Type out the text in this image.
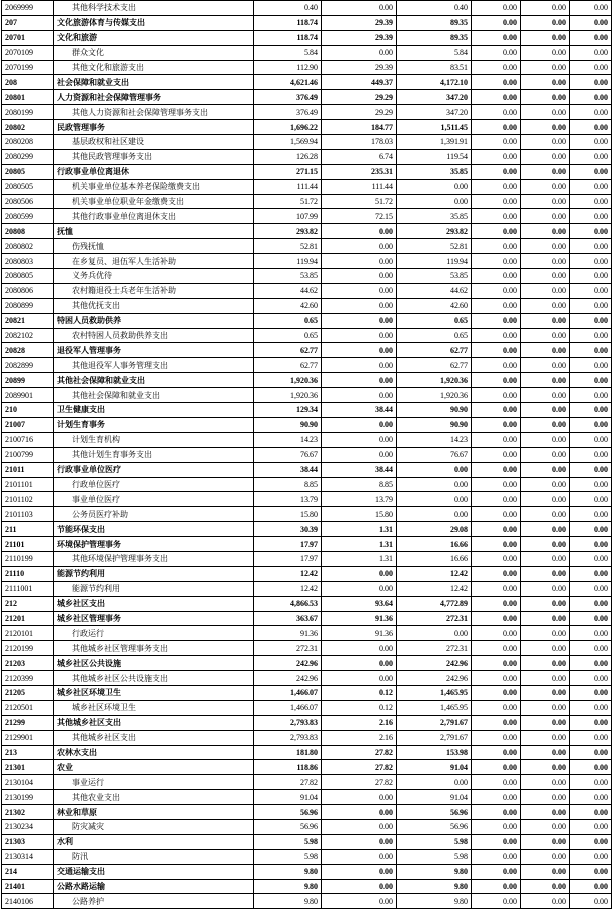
2069999	其他科学技术支出	0.40	0.00	0.40	0.00	0.00	0.00
207	文化旅游体育与传媒支出	118.74	29.39	89.35	0.00	0.00	0.00
20701	文化和旅游	118.74	29.39	89.35	0.00	0.00	0.00
2070109	群众文化	5.84	0.00	5.84	0.00	0.00	0.00
2070199	其他文化和旅游支出	112.90	29.39	83.51	0.00	0.00	0.00
208	社会保障和就业支出	4,621.46	449.37	4,172.10	0.00	0.00	0.00
20801	人力资源和社会保障管理事务	376.49	29.29	347.20	0.00	0.00	0.00
2080199	其他人力资源和社会保障管理事务支出	376.49	29.29	347.20	0.00	0.00	0.00
20802	民政管理事务	1,696.22	184.77	1,511.45	0.00	0.00	0.00
2080208	基层政权和社区建设	1,569.94	178.03	1,391.91	0.00	0.00	0.00
2080299	其他民政管理事务支出	126.28	6.74	119.54	0.00	0.00	0.00
20805	行政事业单位离退休	271.15	235.31	35.85	0.00	0.00	0.00
2080505	机关事业单位基本养老保险缴费支出	111.44	111.44	0.00	0.00	0.00	0.00
2080506	机关事业单位职业年金缴费支出	51.72	51.72	0.00	0.00	0.00	0.00
2080599	其他行政事业单位离退休支出	107.99	72.15	35.85	0.00	0.00	0.00
20808	抚恤	293.82	0.00	293.82	0.00	0.00	0.00
2080802	伤残抚恤	52.81	0.00	52.81	0.00	0.00	0.00
2080803	在乡复员、退伍军人生活补助	119.94	0.00	119.94	0.00	0.00	0.00
2080805	义务兵优待	53.85	0.00	53.85	0.00	0.00	0.00
2080806	农村籍退役士兵老年生活补助	44.62	0.00	44.62	0.00	0.00	0.00
2080899	其他优抚支出	42.60	0.00	42.60	0.00	0.00	0.00
20821	特困人员救助供养	0.65	0.00	0.65	0.00	0.00	0.00
2082102	农村特困人员救助供养支出	0.65	0.00	0.65	0.00	0.00	0.00
20828	退役军人管理事务	62.77	0.00	62.77	0.00	0.00	0.00
2082899	其他退役军人事务管理支出	62.77	0.00	62.77	0.00	0.00	0.00
20899	其他社会保障和就业支出	1,920.36	0.00	1,920.36	0.00	0.00	0.00
2089901	其他社会保障和就业支出	1,920.36	0.00	1,920.36	0.00	0.00	0.00
210	卫生健康支出	129.34	38.44	90.90	0.00	0.00	0.00
21007	计划生育事务	90.90	0.00	90.90	0.00	0.00	0.00
2100716	计划生育机构	14.23	0.00	14.23	0.00	0.00	0.00
2100799	其他计划生育事务支出	76.67	0.00	76.67	0.00	0.00	0.00
21011	行政事业单位医疗	38.44	38.44	0.00	0.00	0.00	0.00
2101101	行政单位医疗	8.85	8.85	0.00	0.00	0.00	0.00
2101102	事业单位医疗	13.79	13.79	0.00	0.00	0.00	0.00
2101103	公务员医疗补助	15.80	15.80	0.00	0.00	0.00	0.00
211	节能环保支出	30.39	1.31	29.08	0.00	0.00	0.00
21101	环境保护管理事务	17.97	1.31	16.66	0.00	0.00	0.00
2110199	其他环境保护管理事务支出	17.97	1.31	16.66	0.00	0.00	0.00
21110	能源节约利用	12.42	0.00	12.42	0.00	0.00	0.00
2111001	能源节约利用	12.42	0.00	12.42	0.00	0.00	0.00
212	城乡社区支出	4,866.53	93.64	4,772.89	0.00	0.00	0.00
21201	城乡社区管理事务	363.67	91.36	272.31	0.00	0.00	0.00
2120101	行政运行	91.36	91.36	0.00	0.00	0.00	0.00
2120199	其他城乡社区管理事务支出	272.31	0.00	272.31	0.00	0.00	0.00
21203	城乡社区公共设施	242.96	0.00	242.96	0.00	0.00	0.00
2120399	其他城乡社区公共设施支出	242.96	0.00	242.96	0.00	0.00	0.00
21205	城乡社区环境卫生	1,466.07	0.12	1,465.95	0.00	0.00	0.00
2120501	城乡社区环境卫生	1,466.07	0.12	1,465.95	0.00	0.00	0.00
21299	其他城乡社区支出	2,793.83	2.16	2,791.67	0.00	0.00	0.00
2129901	其他城乡社区支出	2,793.83	2.16	2,791.67	0.00	0.00	0.00
213	农林水支出	181.80	27.82	153.98	0.00	0.00	0.00
21301	农业	118.86	27.82	91.04	0.00	0.00	0.00
2130104	事业运行	27.82	27.82	0.00	0.00	0.00	0.00
2130199	其他农业支出	91.04	0.00	91.04	0.00	0.00	0.00
21302	林业和草原	56.96	0.00	56.96	0.00	0.00	0.00
2130234	防灾减灾	56.96	0.00	56.96	0.00	0.00	0.00
21303	水利	5.98	0.00	5.98	0.00	0.00	0.00
2130314	防汛	5.98	0.00	5.98	0.00	0.00	0.00
214	交通运输支出	9.80	0.00	9.80	0.00	0.00	0.00
21401	公路水路运输	9.80	0.00	9.80	0.00	0.00	0.00
2140106	公路养护	9.80	0.00	9.80	0.00	0.00	0.00
